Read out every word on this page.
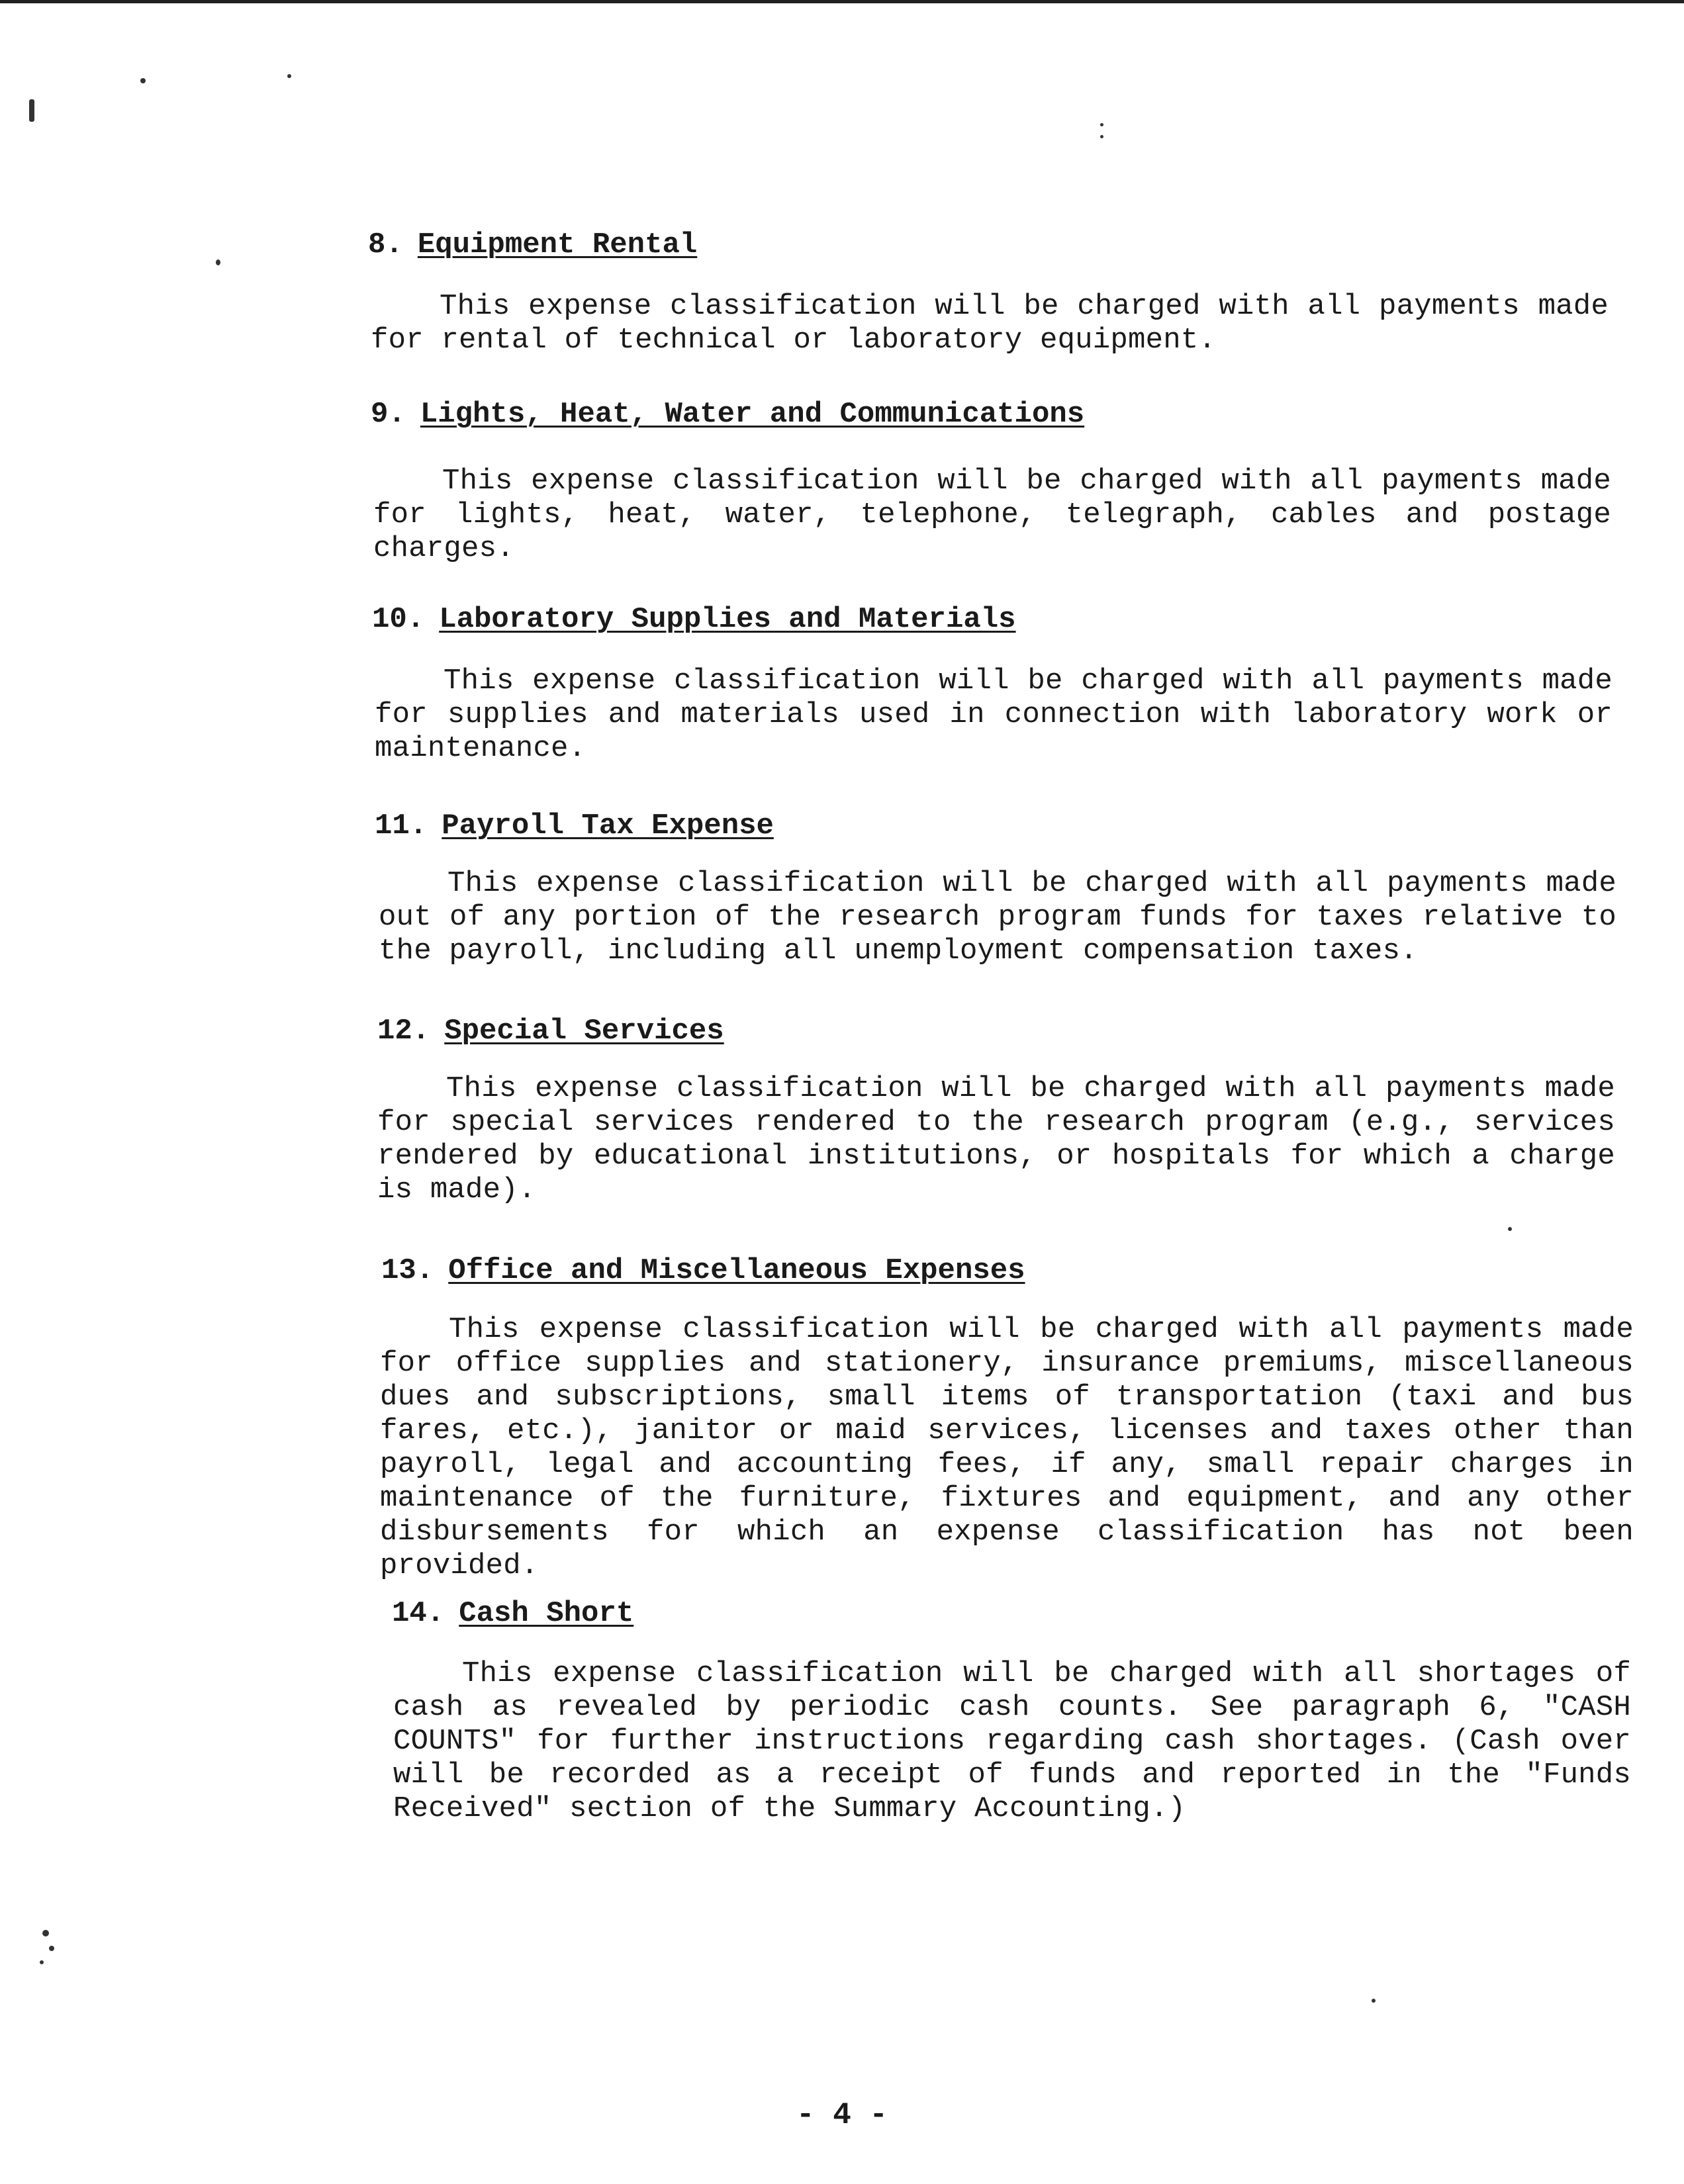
8. Equipment Rental
This expense classification will be charged with all payments made for rental of technical or laboratory equipment.
9. Lights, Heat, Water and Communications
This expense classification will be charged with all payments made for lights, heat, water, telephone, telegraph, cables and postage charges.
10. Laboratory Supplies and Materials
This expense classification will be charged with all payments made for supplies and materials used in connection with laboratory work or maintenance.
11. Payroll Tax Expense
This expense classification will be charged with all payments made out of any portion of the research program funds for taxes relative to the payroll, including all unemployment compensation taxes.
12. Special Services
This expense classification will be charged with all payments made for special services rendered to the research program (e.g., services rendered by educational institutions, or hospitals for which a charge is made).
13. Office and Miscellaneous Expenses
This expense classification will be charged with all payments made for office supplies and stationery, insurance premiums, miscellaneous dues and subscriptions, small items of transportation (taxi and bus fares, etc.), janitor or maid services, licenses and taxes other than payroll, legal and accounting fees, if any, small repair charges in maintenance of the furniture, fixtures and equipment, and any other disbursements for which an expense classification has not been provided.
14. Cash Short
This expense classification will be charged with all shortages of cash as revealed by periodic cash counts. See paragraph 6, "CASH COUNTS" for further instructions regarding cash shortages. (Cash over will be recorded as a receipt of funds and reported in the "Funds Received" section of the Summary Accounting.)
- 4 -
